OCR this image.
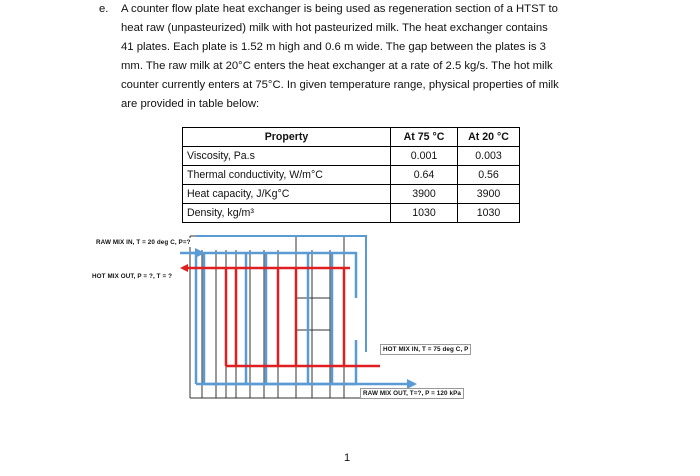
e. A counter flow plate heat exchanger is being used as regeneration section of a HTST to
heat raw (unpasteurized) milk with hot pasteurized milk. The heat exchanger contains
41 plates. Each plate is 1.52 m high and 0.6 m wide. The gap between the plates is 3
mm. The raw milk at 20°C enters the heat exchanger at a rate of 2.5 kg/s. The hot milk
counter currently enters at 75°C. In given temperature range, physical properties of milk
are provided in table below:
Property	At 75 °C	At 20 °C
Viscosity, Pa.s	0.001	0.003
Thermal conductivity, W/m°C	0.64	0.56
Heat capacity, J/Kg°C	3900	3900
Density, kg/m³	1030	1030
RAW MIX IN, T = 20 deg C, P=?
HOT MIX OUT, P = ?, T = ?
HOT MIX IN, T = 75 deg C, P
RAW MIX OUT, T=?, P = 120 kPa
1
